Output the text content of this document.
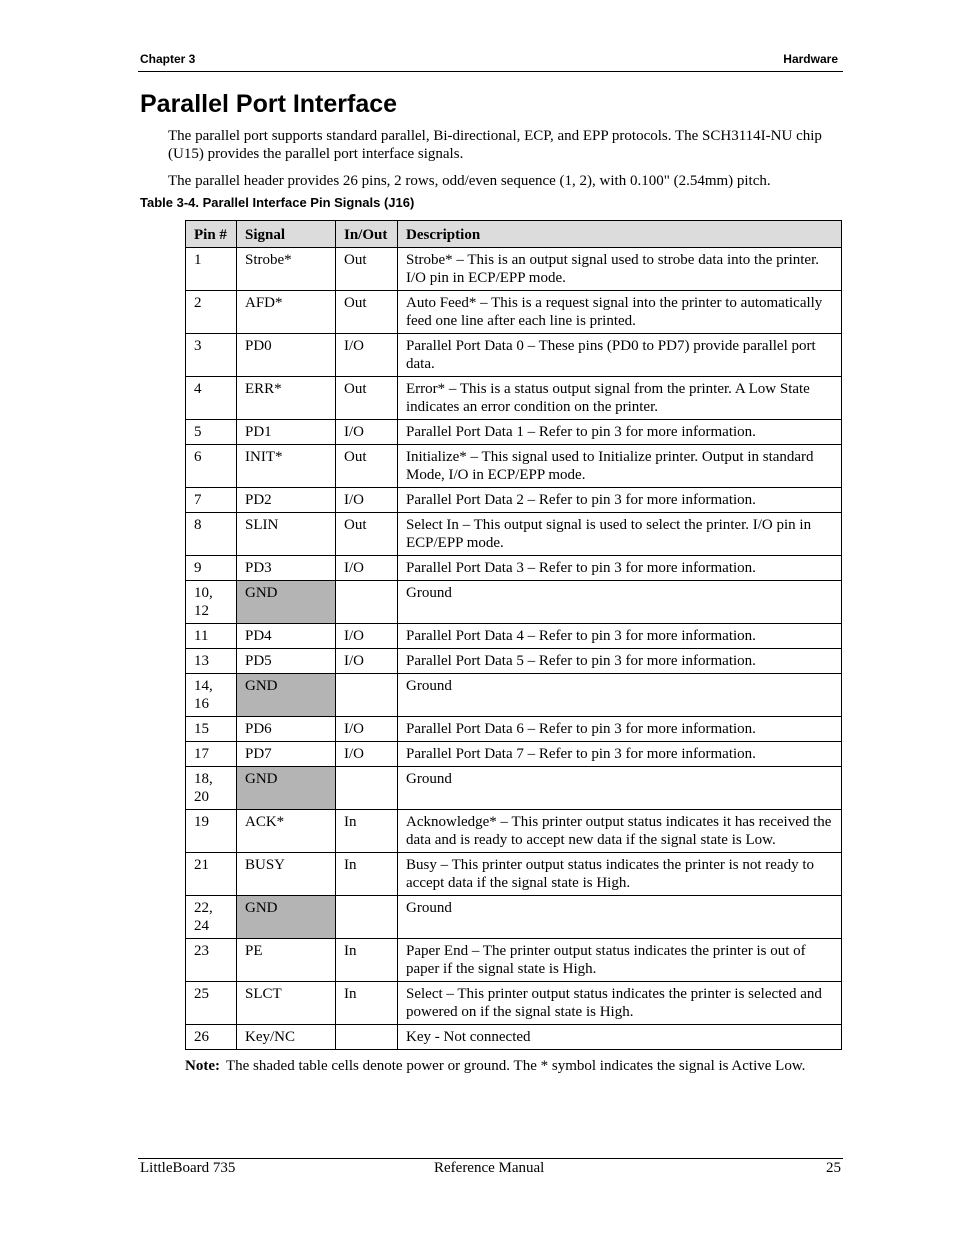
Chapter 3	Hardware
Parallel Port Interface

The parallel port supports standard parallel, Bi-directional, ECP, and EPP protocols. The SCH3114I-NU chip (U15) provides the parallel port interface signals.

The parallel header provides 26 pins, 2 rows, odd/even sequence (1, 2), with 0.100" (2.54mm) pitch.

Table 3-4. Parallel Interface Pin Signals (J16)
Pin #	Signal	In/Out	Description
1	Strobe*	Out	Strobe* – This is an output signal used to strobe data into the printer. I/O pin in ECP/EPP mode.
2	AFD*	Out	Auto Feed* – This is a request signal into the printer to automatically feed one line after each line is printed.
3	PD0	I/O	Parallel Port Data 0 – These pins (PD0 to PD7) provide parallel port data.
4	ERR*	Out	Error* – This is a status output signal from the printer. A Low State indicates an error condition on the printer.
5	PD1	I/O	Parallel Port Data 1 – Refer to pin 3 for more information.
6	INIT*	Out	Initialize* – This signal used to Initialize printer. Output in standard Mode, I/O in ECP/EPP mode.
7	PD2	I/O	Parallel Port Data 2 – Refer to pin 3 for more information.
8	SLIN	Out	Select In – This output signal is used to select the printer. I/O pin in ECP/EPP mode.
9	PD3	I/O	Parallel Port Data 3 – Refer to pin 3 for more information.
10, 12	GND		Ground
11	PD4	I/O	Parallel Port Data 4 – Refer to pin 3 for more information.
13	PD5	I/O	Parallel Port Data 5 – Refer to pin 3 for more information.
14, 16	GND		Ground
15	PD6	I/O	Parallel Port Data 6 – Refer to pin 3 for more information.
17	PD7	I/O	Parallel Port Data 7 – Refer to pin 3 for more information.
18, 20	GND		Ground
19	ACK*	In	Acknowledge* – This printer output status indicates it has received the data and is ready to accept new data if the signal state is Low.
21	BUSY	In	Busy – This printer output status indicates the printer is not ready to accept data if the signal state is High.
22, 24	GND		Ground
23	PE	In	Paper End – The printer output status indicates the printer is out of paper if the signal state is High.
25	SLCT	In	Select – This printer output status indicates the printer is selected and powered on if the signal state is High.
26	Key/NC		Key - Not connected
Note: The shaded table cells denote power or ground. The * symbol indicates the signal is Active Low.
LittleBoard 735	Reference Manual	25
